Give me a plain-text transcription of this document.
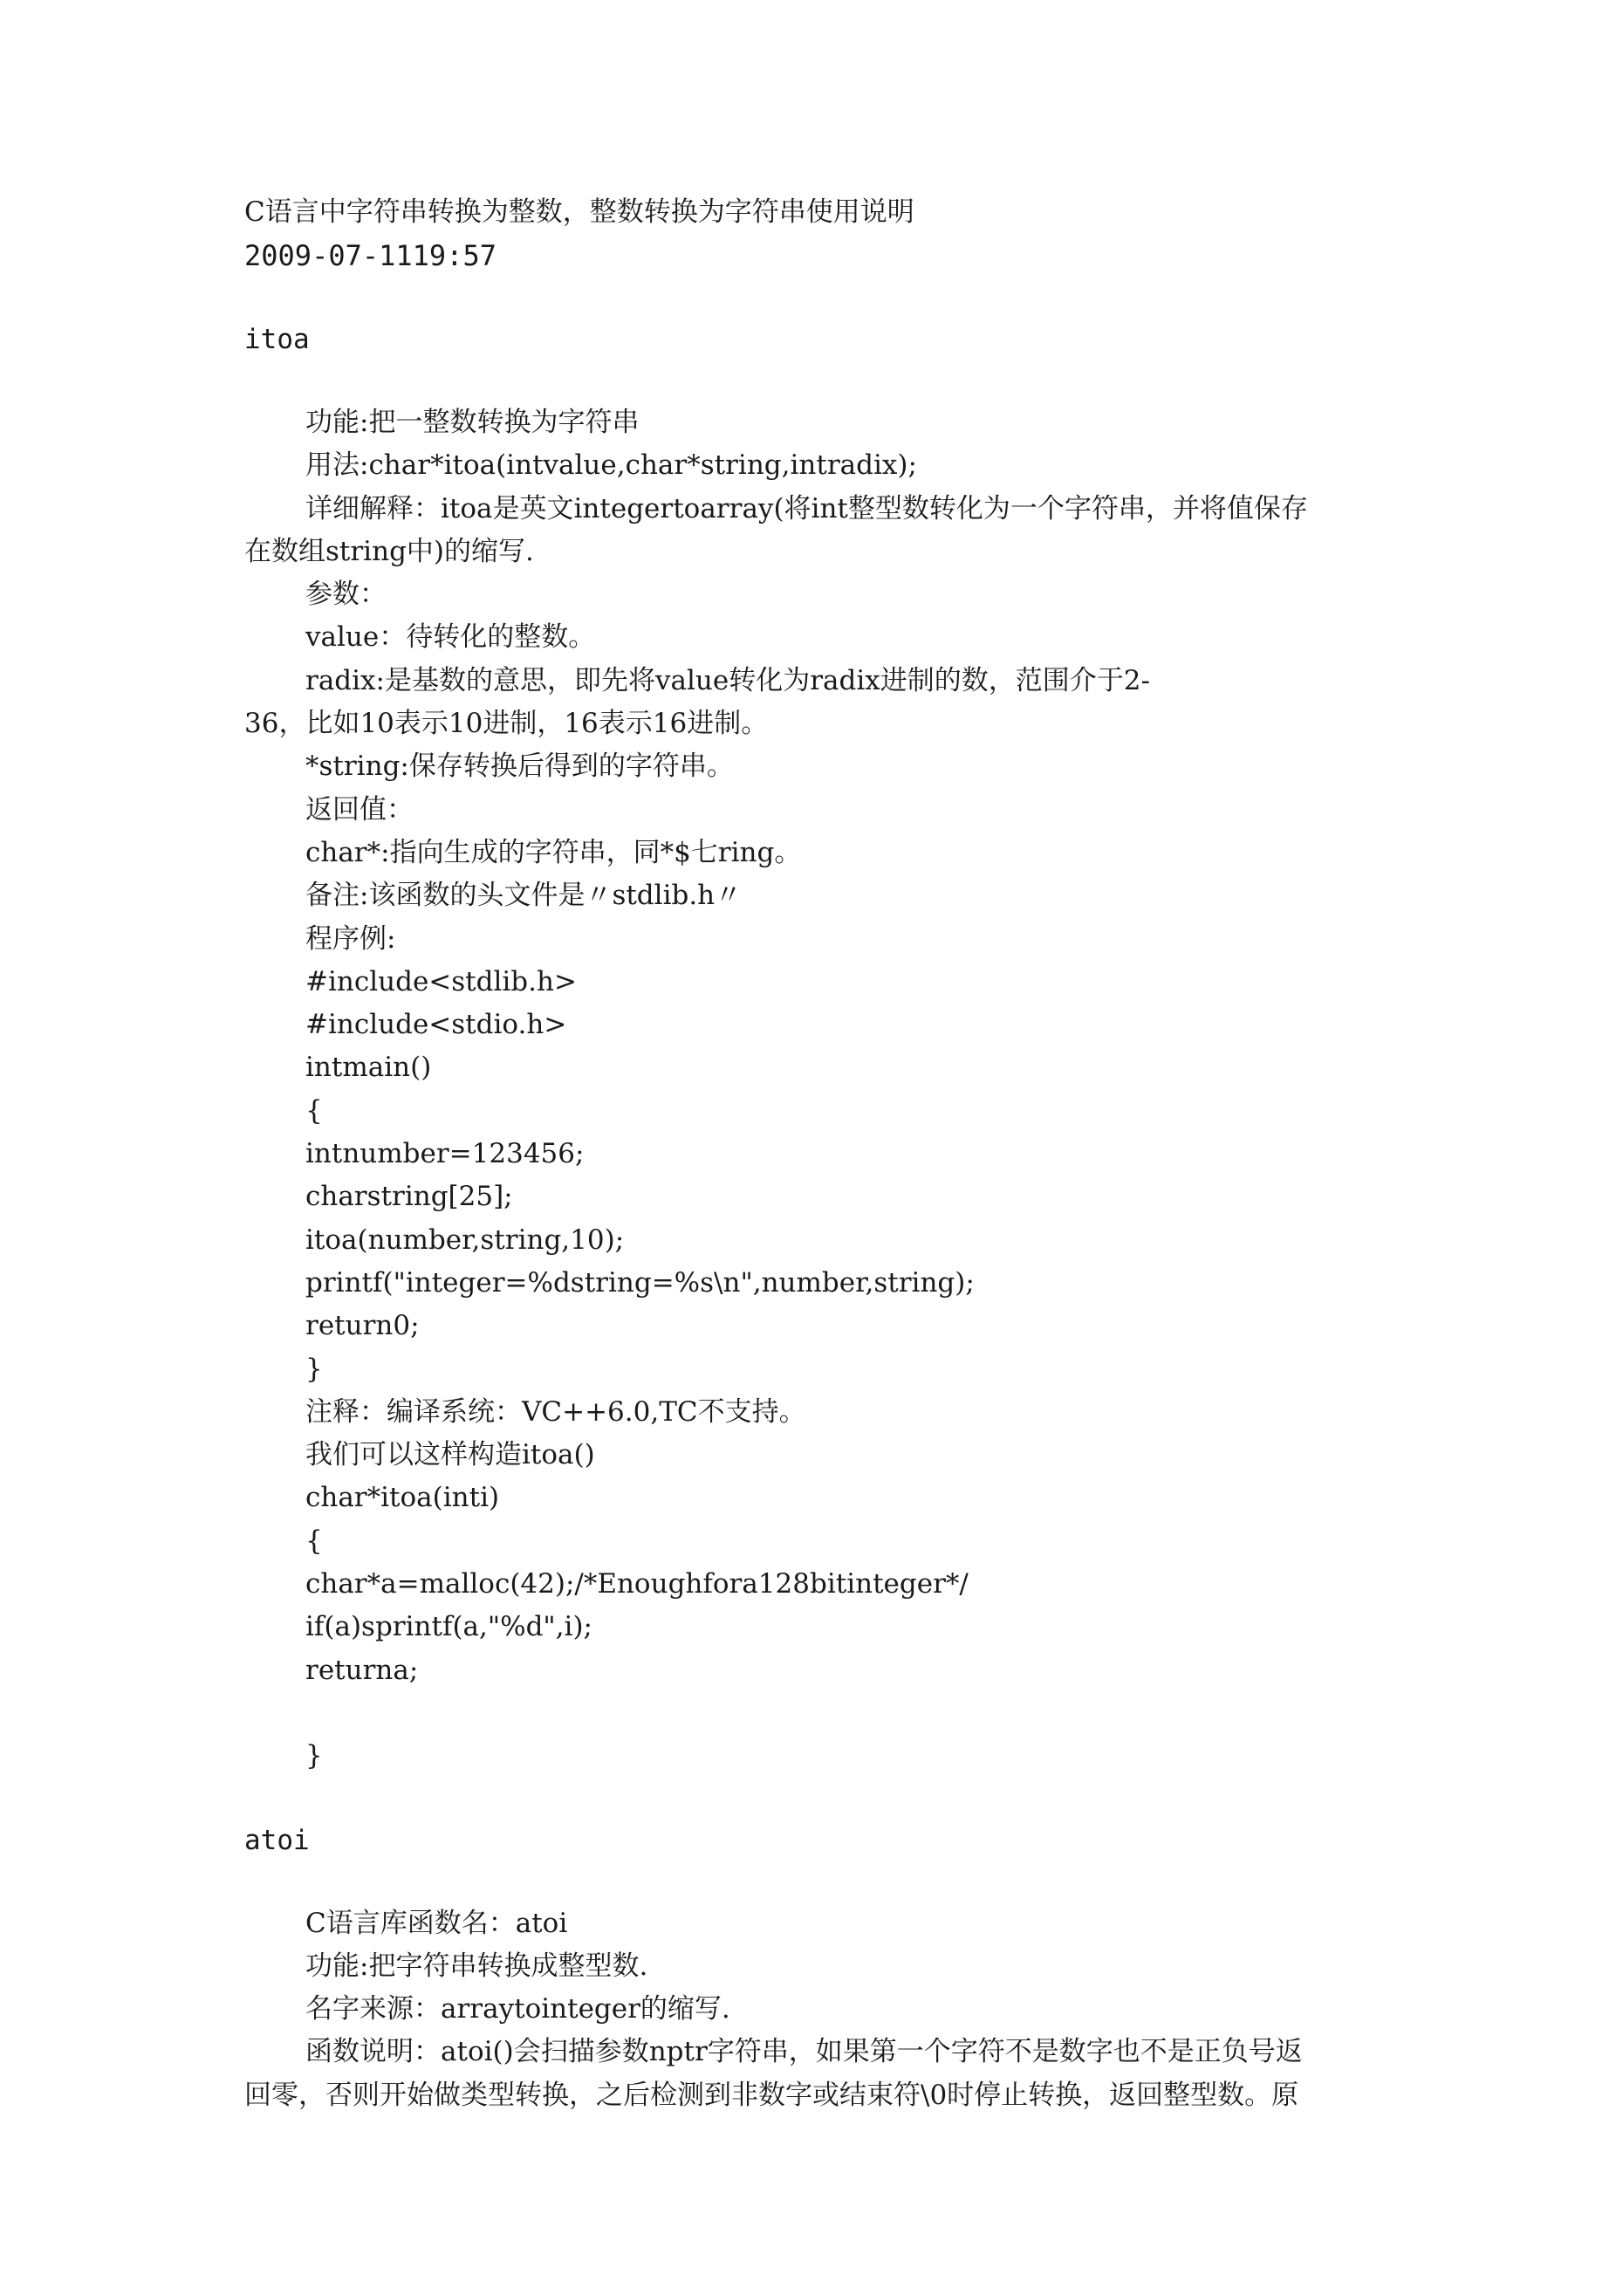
C语言中字符串转换为整数，整数转换为字符串使用说明
2009-07-1119:57
itoa
功能:把一整数转换为字符串
用法:char*itoa(intvalue,char*string,intradix);
详细解释：itoa是英文integertoarray(将int整型数转化为一个字符串，并将值保存
在数组string中)的缩写.
参数：
value：待转化的整数。
radix:是基数的意思，即先将value转化为radix进制的数，范围介于2-
36，比如10表示10进制，16表示16进制。
*string:保存转换后得到的字符串。
返回值：
char*:指向生成的字符串，同*$七ring。
备注:该函数的头文件是〃stdlib.h〃
程序例:
#include<stdlib.h>
#include<stdio.h>
intmain()
{
intnumber=123456;
charstring[25];
itoa(number,string,10);
printf("integer=%dstring=%s\n",number,string);
return0;
}
注释：编译系统：VC++6.0,TC不支持。
我们可以这样构造itoa()
char*itoa(inti)
{
char*a=malloc(42);/*Enoughfora128bitinteger*/
if(a)sprintf(a,"%d",i);
returna;
}
atoi
C语言库函数名：atoi
功能:把字符串转换成整型数.
名字来源：arraytointeger的缩写.
函数说明：atoi()会扫描参数nptr字符串，如果第一个字符不是数字也不是正负号返
回零，否则开始做类型转换，之后检测到非数字或结束符\0时停止转换，返回整型数。原
